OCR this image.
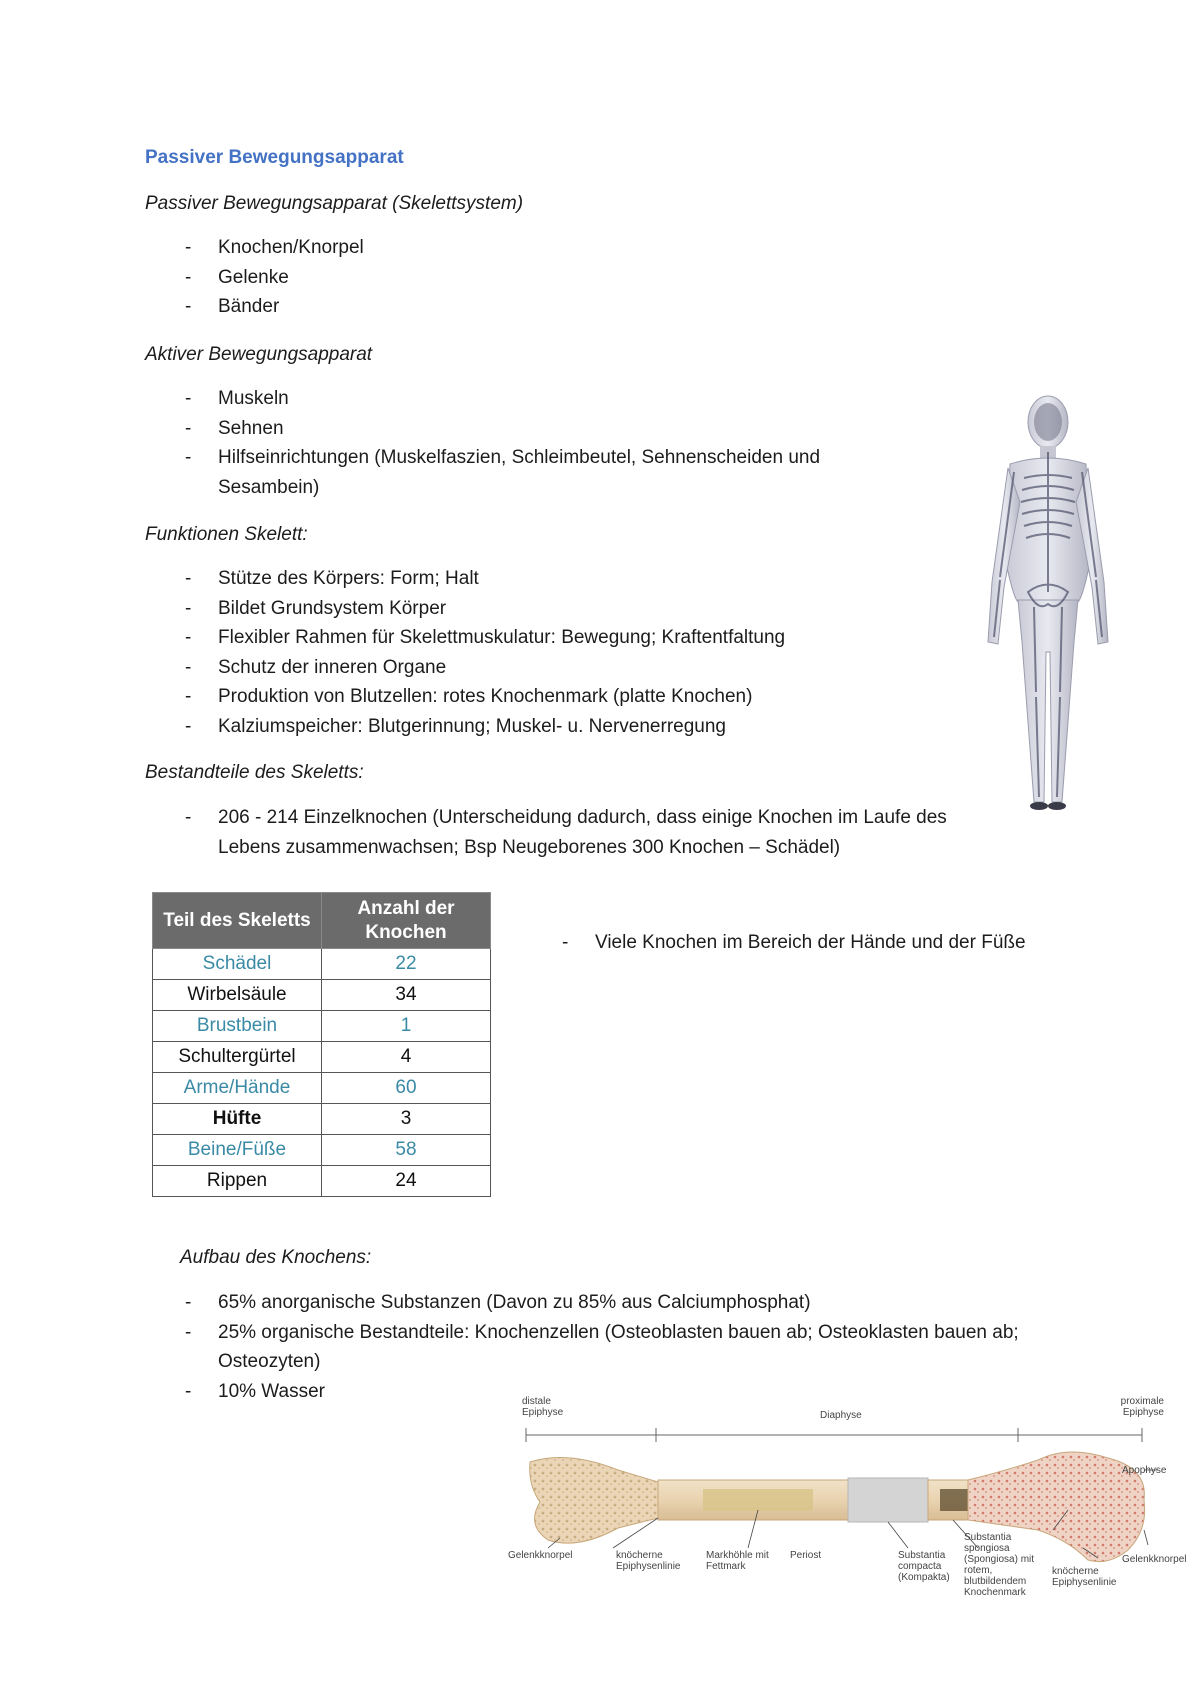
Passiver Bewegungsapparat
Passiver Bewegungsapparat (Skelettsystem)
- Knochen/Knorpel
- Gelenke
- Bänder
Aktiver Bewegungsapparat
- Muskeln
- Sehnen
- Hilfseinrichtungen (Muskelfaszien, Schleimbeutel, Sehnenscheiden und Sesambein)
Funktionen Skelett:
- Stütze des Körpers: Form; Halt
- Bildet Grundsystem Körper
- Flexibler Rahmen für Skelettmuskulatur: Bewegung; Kraftentfaltung
- Schutz der inneren Organe
- Produktion von Blutzellen: rotes Knochenmark (platte Knochen)
- Kalziumspeicher: Blutgerinnung; Muskel- u. Nervenerregung
Bestandteile des Skeletts:
- 206 - 214 Einzelknochen (Unterscheidung dadurch, dass einige Knochen im Laufe des Lebens zusammenwachsen; Bsp Neugeborenes 300 Knochen – Schädel)
Teil des Skeletts	Anzahl der Knochen
Schädel	22
Wirbelsäule	34
Brustbein	1
Schultergürtel	4
Arme/Hände	60
Hüfte	3
Beine/Füße	58
Rippen	24
- Viele Knochen im Bereich der Hände und der Füße
Aufbau des Knochens:
- 65% anorganische Substanzen (Davon zu 85% aus Calciumphosphat)
- 25% organische Bestandteile: Knochenzellen (Osteoblasten bauen ab; Osteoklasten bauen ab; Osteozyten)
- 10% Wasser	distale Epiphyse	Diaphyse
proximale Epiphyse
Apophyse
Gelenkknorpel	knöcherne Epiphysenlinie
Markhöhle mit Fettmark
Periost	Substantia compacta (Kompakta)
Substantia spongiosa (Spongiosa) mit rotem, blutbildendem Knochenmark
knöcherne Epiphysenlinie
Gelenkknorpel
